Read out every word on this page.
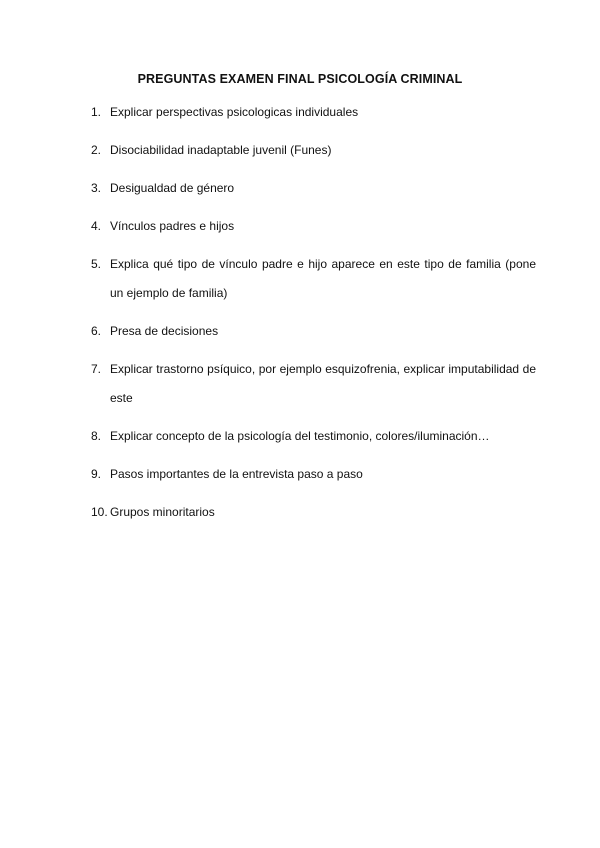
PREGUNTAS EXAMEN FINAL PSICOLOGÍA CRIMINAL
1. Explicar perspectivas psicologicas individuales
2. Disociabilidad inadaptable juvenil (Funes)
3. Desigualdad de género
4. Vínculos padres e hijos
5. Explica qué tipo de vínculo padre e hijo aparece en este tipo de familia (pone un ejemplo de familia)
6. Presa de decisiones
7. Explicar trastorno psíquico, por ejemplo esquizofrenia, explicar imputabilidad de este
8. Explicar concepto de la psicología del testimonio, colores/iluminación…
9. Pasos importantes de la entrevista paso a paso
10. Grupos minoritarios
